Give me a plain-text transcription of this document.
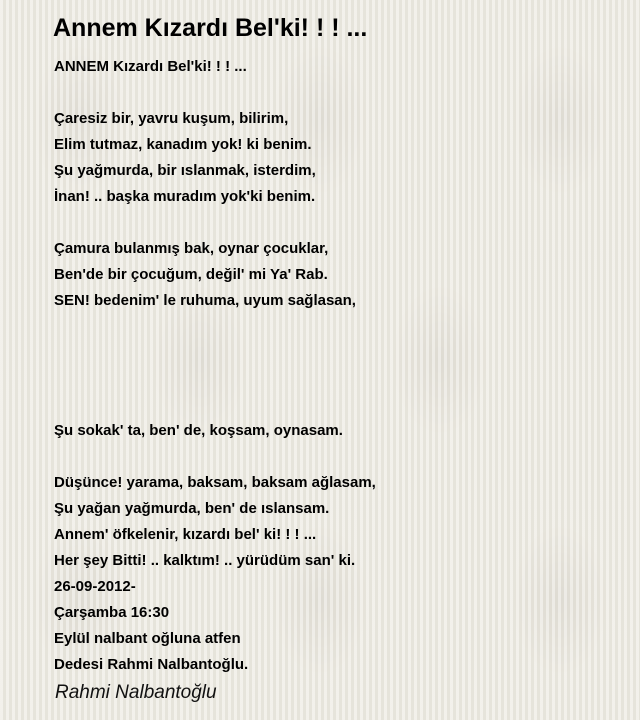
Annem Kızardı Bel'ki! ! ! ...
ANNEM Kızardı Bel'ki! ! ! ...
Çaresiz bir, yavru kuşum, bilirim,
Elim tutmaz, kanadım yok! ki benim.
Şu yağmurda, bir ıslanmak, isterdim,
İnan! .. başka muradım yok'ki benim.
Çamura bulanmış bak, oynar çocuklar,
Ben'de bir çocuğum, değil' mi Ya' Rab.
SEN! bedenim' le ruhuma, uyum sağlasan,
Şu sokak' ta, ben' de, koşsam, oynasam.
Düşünce! yarama, baksam, baksam ağlasam,
Şu yağan yağmurda, ben' de ıslansam.
Annem' öfkelenir, kızardı bel' ki! ! ! ...
Her şey Bitti! .. kalktım! .. yürüdüm san' ki.
26-09-2012-
Çarşamba 16:30
Eylül nalbant oğluna atfen
Dedesi Rahmi Nalbantoğlu.
Rahmi Nalbantoğlu
